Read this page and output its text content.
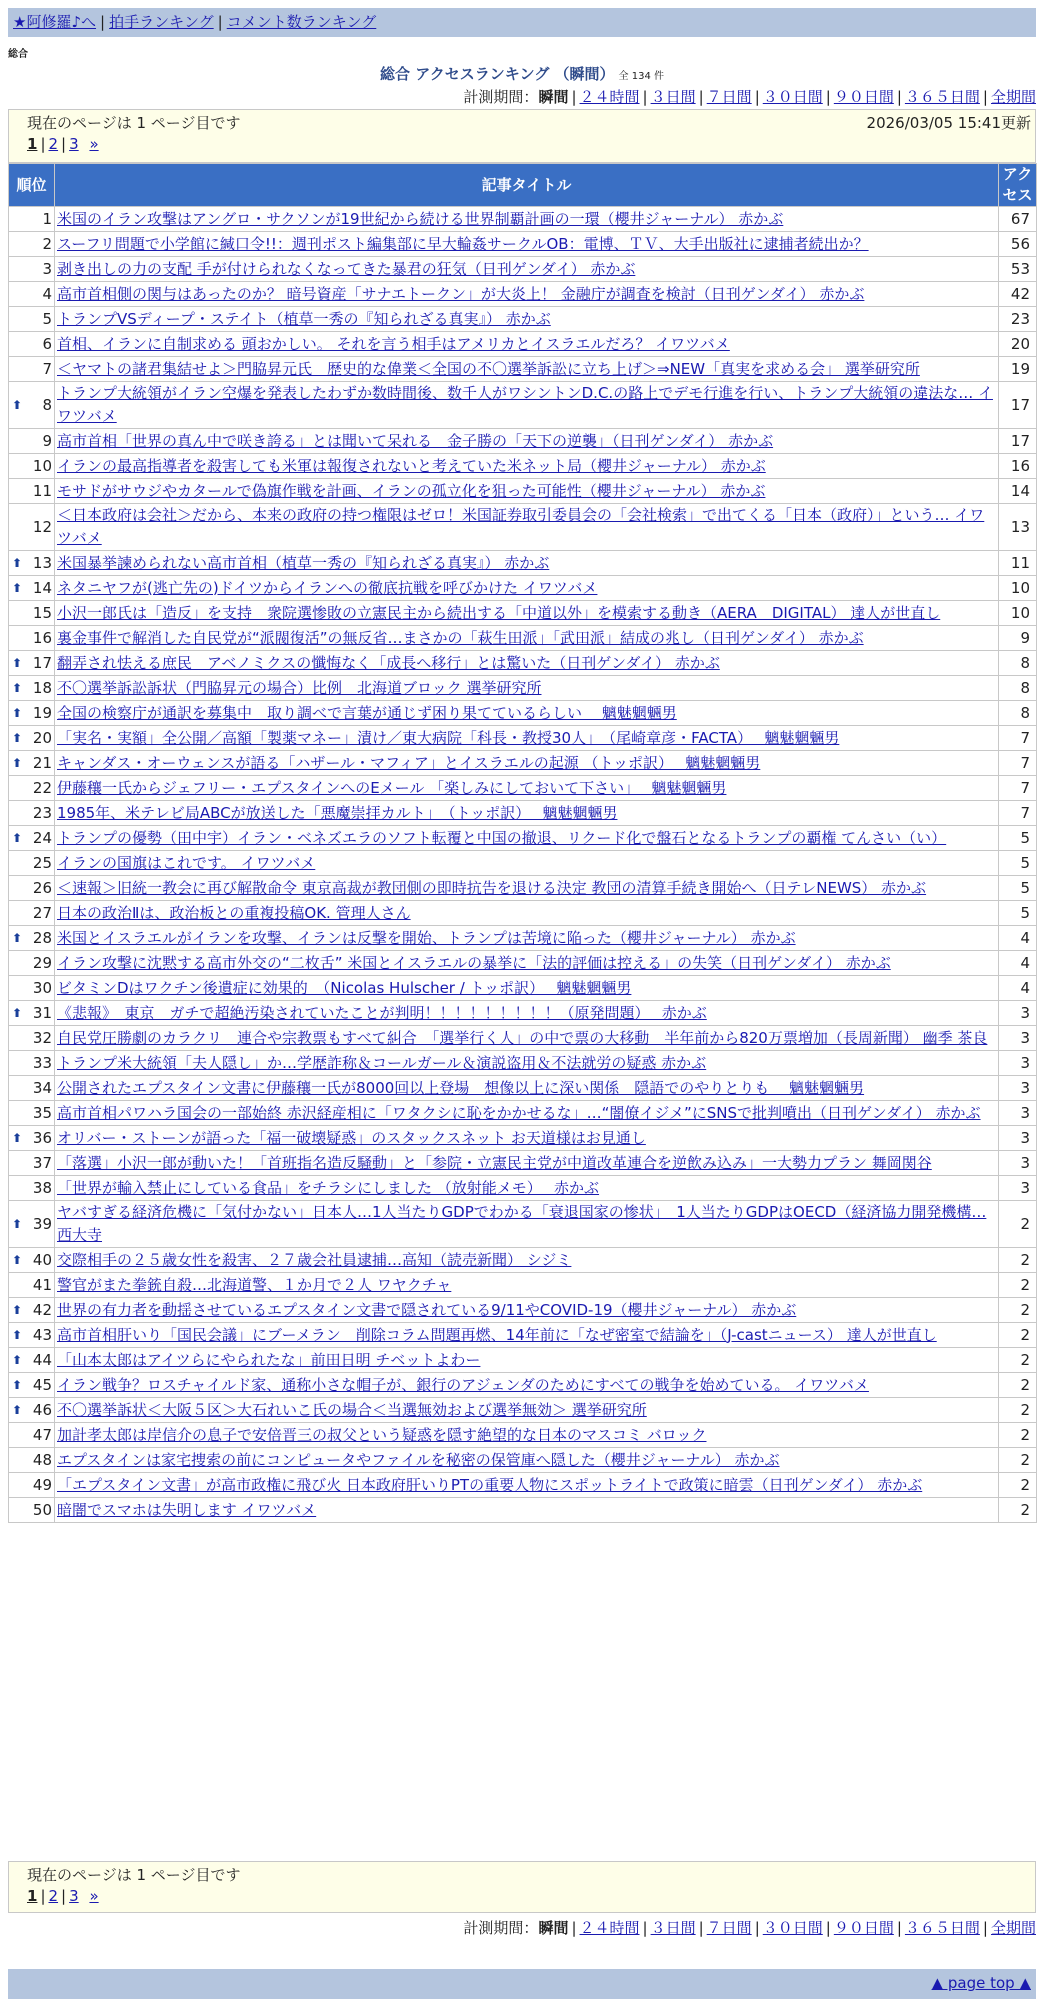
★阿修羅♪へ | 拍手ランキング | コメント数ランキング
総合
総合 アクセスランキング （瞬間） 全 134 件
計測期間：瞬間 | ２４時間 | ３日間 | ７日間 | ３０日間 | ９０日間 | ３６５日間 | 全期間
現在のページは 1 ページ目です	2026/03/05 15:41更新
1 | 2 | 3 »
順位	記事タイトル	アクセス
1	米国のイラン攻撃はアングロ・サクソンが19世紀から続ける世界制覇計画の一環（櫻井ジャーナル） 赤かぶ	67
2	スーフリ問題で小学館に緘口令!!：週刊ポスト編集部に早大輪姦サークルOB：電博、ＴＶ、大手出版社に逮捕者続出か？	56
3	剥き出しの力の支配 手が付けられなくなってきた暴君の狂気（日刊ゲンダイ） 赤かぶ	53
4	高市首相側の関与はあったのか？ 暗号資産「サナエトークン」が大炎上！ 金融庁が調査を検討（日刊ゲンダイ） 赤かぶ	42
5	トランプVSディープ・ステイト（植草一秀の『知られざる真実』） 赤かぶ	23
6	首相、イランに自制求める 頭おかしい。 それを言う相手はアメリカとイスラエルだろ？ イワツバメ	20
7	＜ヤマトの諸君集結せよ＞門脇昇元氏　歴史的な偉業＜全国の不〇選挙訴訟に立ち上げ＞⇒NEW「真実を求める会」 選挙研究所	19

⬆ 8	トランプ大統領がイラン空爆を発表したわずか数時間後、数千人がワシントンD.C.の路上でデモ行進を行い、トランプ大統領の違法な… イワツバメ	17
9	高市首相「世界の真ん中で咲き誇る」とは聞いて呆れる　金子勝の「天下の逆襲」（日刊ゲンダイ） 赤かぶ	17
10	イランの最高指導者を殺害しても米軍は報復されないと考えていた米ネット局（櫻井ジャーナル） 赤かぶ	16
11	モサドがサウジやカタールで偽旗作戦を計画、イランの孤立化を狙った可能性（櫻井ジャーナル） 赤かぶ	14
12	＜日本政府は会社＞だから、本来の政府の持つ権限はゼロ！米国証券取引委員会の「会社検索」で出てくる「日本（政府）」という… イワツバメ	13

⬆ 13	米国暴挙諫められない高市首相（植草一秀の『知られざる真実』） 赤かぶ	11

⬆ 14	ネタニヤフが(逃亡先の)ドイツからイランへの徹底抗戦を呼びかけた イワツバメ	10
15	小沢一郎氏は「造反」を支持　衆院選惨敗の立憲民主から続出する「中道以外」を模索する動き（AERA　DIGITAL） 達人が世直し	10
16	裏金事件で解消した自民党が“派閥復活”の無反省…まさかの「萩生田派」「武田派」結成の兆し（日刊ゲンダイ） 赤かぶ	9

⬆ 17	翻弄され怯える庶民　アベノミクスの懺悔なく「成長へ移行」とは驚いた（日刊ゲンダイ） 赤かぶ	8

⬆ 18	不〇選挙訴訟訴状（門脇昇元の場合）比例　北海道ブロック 選挙研究所	8

⬆ 19	全国の検察庁が通訳を募集中　取り調べで言葉が通じず困り果てているらしい　 魑魅魍魎男	8

⬆ 20	「実名・実額」全公開／高額「製薬マネー」漬け／東大病院「科長・教授30人」　（尾崎章彦・FACTA）　 魑魅魍魎男	7

⬆ 21	キャンダス・オーウェンスが語る「ハザール・マフィア」とイスラエルの起源 （トッポ訳）　 魑魅魍魎男	7
22	伊藤穰一氏からジェフリー・エプスタインへのEメール 「楽しみにしておいて下さい」　 魑魅魍魎男	7
23	1985年、米テレビ局ABCが放送した「悪魔崇拝カルト」　（トッポ訳）　 魑魅魍魎男	7

⬆ 24	トランプの優勢（田中宇）イラン・ベネズエラのソフト転覆と中国の撤退、リクード化で盤石となるトランプの覇権 てんさい（い）	5
25	イランの国旗はこれです。 イワツバメ	5
26	＜速報＞旧統一教会に再び解散命令 東京高裁が教団側の即時抗告を退ける決定 教団の清算手続き開始へ（日テレNEWS） 赤かぶ	5
27	日本の政治Ⅱは、政治板との重複投稿OK. 管理人さん	5

⬆ 28	米国とイスラエルがイランを攻撃、イランは反撃を開始、トランプは苦境に陥った（櫻井ジャーナル） 赤かぶ	4
29	イラン攻撃に沈黙する高市外交の“二枚舌” 米国とイスラエルの暴挙に「法的評価は控える」の失笑（日刊ゲンダイ） 赤かぶ	4
30	ビタミンDはワクチン後遺症に効果的　（Nicolas Hulscher / トッポ訳）　 魑魅魍魎男	4

⬆ 31	《悲報》　東京　ガチで超絶汚染されていたことが判明！！！！！！！！！（原発問題）　 赤かぶ	3
32	自民党圧勝劇のカラクリ　連合や宗教票もすべて糾合　「選挙行く人」の中で票の大移動　半年前から820万票増加（長周新聞） 幽季 茶良	3
33	トランプ米大統領「夫人隠し」か…学歴詐称＆コールガール＆演説盗用＆不法就労の疑惑 赤かぶ	3
34	公開されたエプスタイン文書に伊藤穰一氏が8000回以上登場　想像以上に深い関係　隠語でのやりとりも　 魑魅魍魎男	3
35	高市首相パワハラ国会の一部始終 赤沢経産相に「ワタクシに恥をかかせるな」…“闇僚イジメ”にSNSで批判噴出（日刊ゲンダイ） 赤かぶ	3

⬆ 36	オリバー・ストーンが語った「福一破壊疑惑」のスタックスネット お天道様はお見通し	3
37	「落選」小沢一郎が動いた！「首班指名造反騒動」と「参院・立憲民主党が中道改革連合を逆飲み込み」一大勢力プラン 舞岡関谷	3
38	「世界が輸入禁止にしている食品」をチラシにしました （放射能メモ）　 赤かぶ	3

⬆ 39	ヤバすぎる経済危機に「気付かない」日本人…1人当たりGDPでわかる「衰退国家の惨状」　1人当たりGDPはOECD（経済協力開発機構… 西大寺	2

⬆ 40	交際相手の２５歳女性を殺害、２７歳会社員逮捕…高知（読売新聞） シジミ	2
41	警官がまた拳銃自殺…北海道警、１か月で２人 ワヤクチャ	2

⬆ 42	世界の有力者を動揺させているエプスタイン文書で隠されている9/11やCOVID-19（櫻井ジャーナル） 赤かぶ	2

⬆ 43	高市首相肝いり「国民会議」にブーメラン　削除コラム問題再燃、14年前に「なぜ密室で結論を」（J-castニュース） 達人が世直し	2

⬆ 44	「山本太郎はアイツらにやられたな」前田日明 チベットよわー	2

⬆ 45	イラン戦争？ロスチャイルド家、通称小さな帽子が、銀行のアジェンダのためにすべての戦争を始めている。 イワツバメ	2

⬆ 46	不〇選挙訴状＜大阪５区＞大石れいこ氏の場合＜当選無効および選挙無効＞ 選挙研究所	2
47	加計孝太郎は岸信介の息子で安倍晋三の叔父という疑惑を隠す絶望的な日本のマスコミ バロック	2
48	エプスタインは家宅捜索の前にコンピュータやファイルを秘密の保管庫へ隠した（櫻井ジャーナル） 赤かぶ	2
49	「エプスタイン文書」が高市政権に飛び火 日本政府肝いりPTの重要人物にスポットライトで政策に暗雲（日刊ゲンダイ） 赤かぶ	2
50	暗闇でスマホは失明します イワツバメ	2
現在のページは 1 ページ目です
1 | 2 | 3 »
計測期間：瞬間 | ２４時間 | ３日間 | ７日間 | ３０日間 | ９０日間 | ３６５日間 | 全期間
▲ page top ▲
